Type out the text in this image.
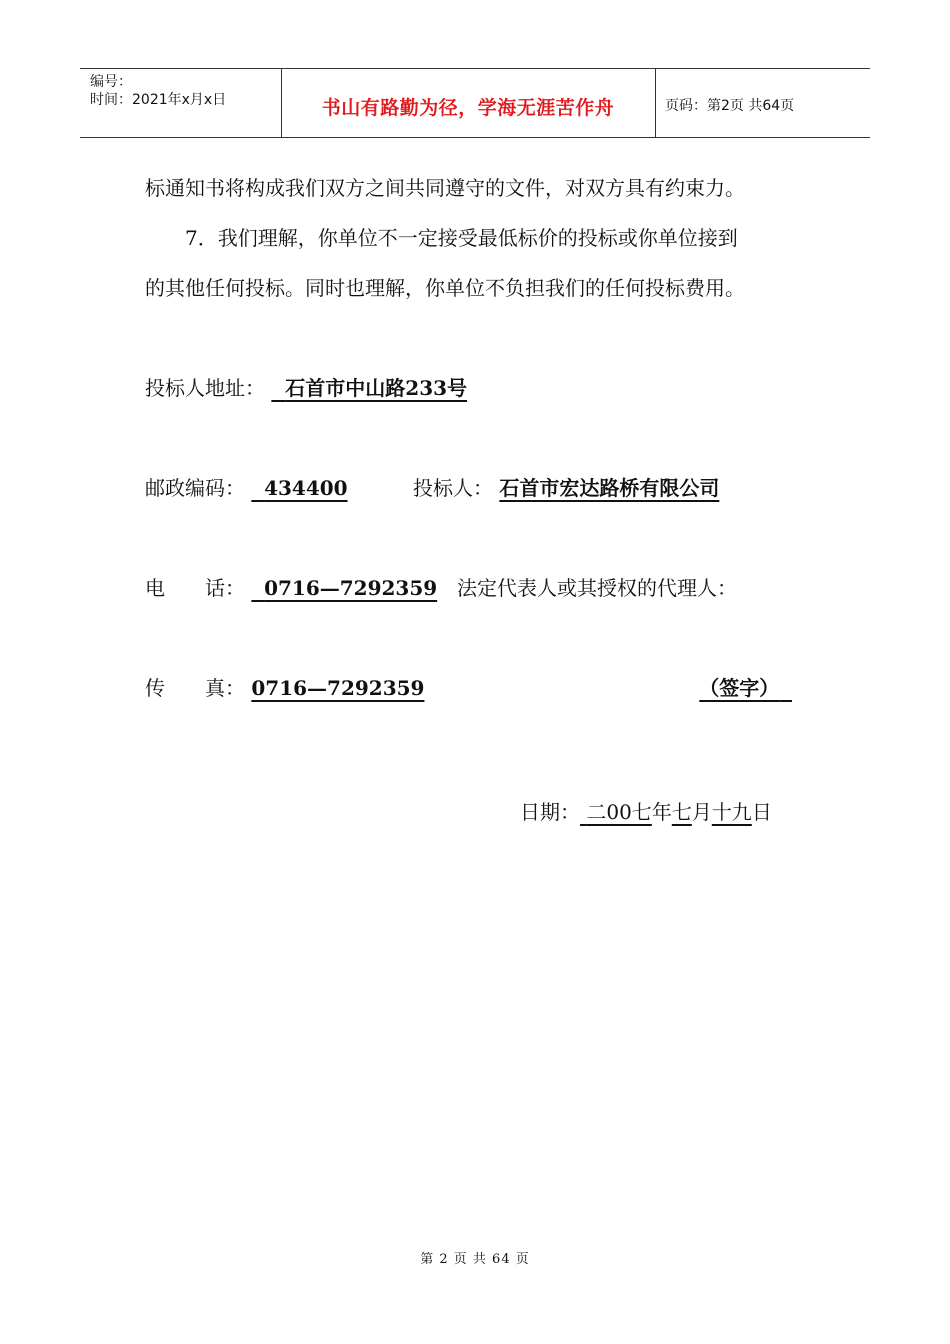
编号：
时间：2021年x月x日	书山有路勤为径，学海无涯苦作舟	页码：第2页 共64页
标通知书将构成我们双方之间共同遵守的文件，对双方具有约束力。
7．我们理解，你单位不一定接受最低标价的投标或你单位接到
的其他任何投标。同时也理解，你单位不负担我们的任何投标费用。
投标人地址：   石首市中山路233号
邮政编码： 434400	投标人： 石首市宏达路桥有限公司
电　　话： 0716—7292359 法定代表人或其授权的代理人：
传　　真： 0716—7292359	（签字）
日期： 二00七年七月十九日
第 2 页 共 64 页
